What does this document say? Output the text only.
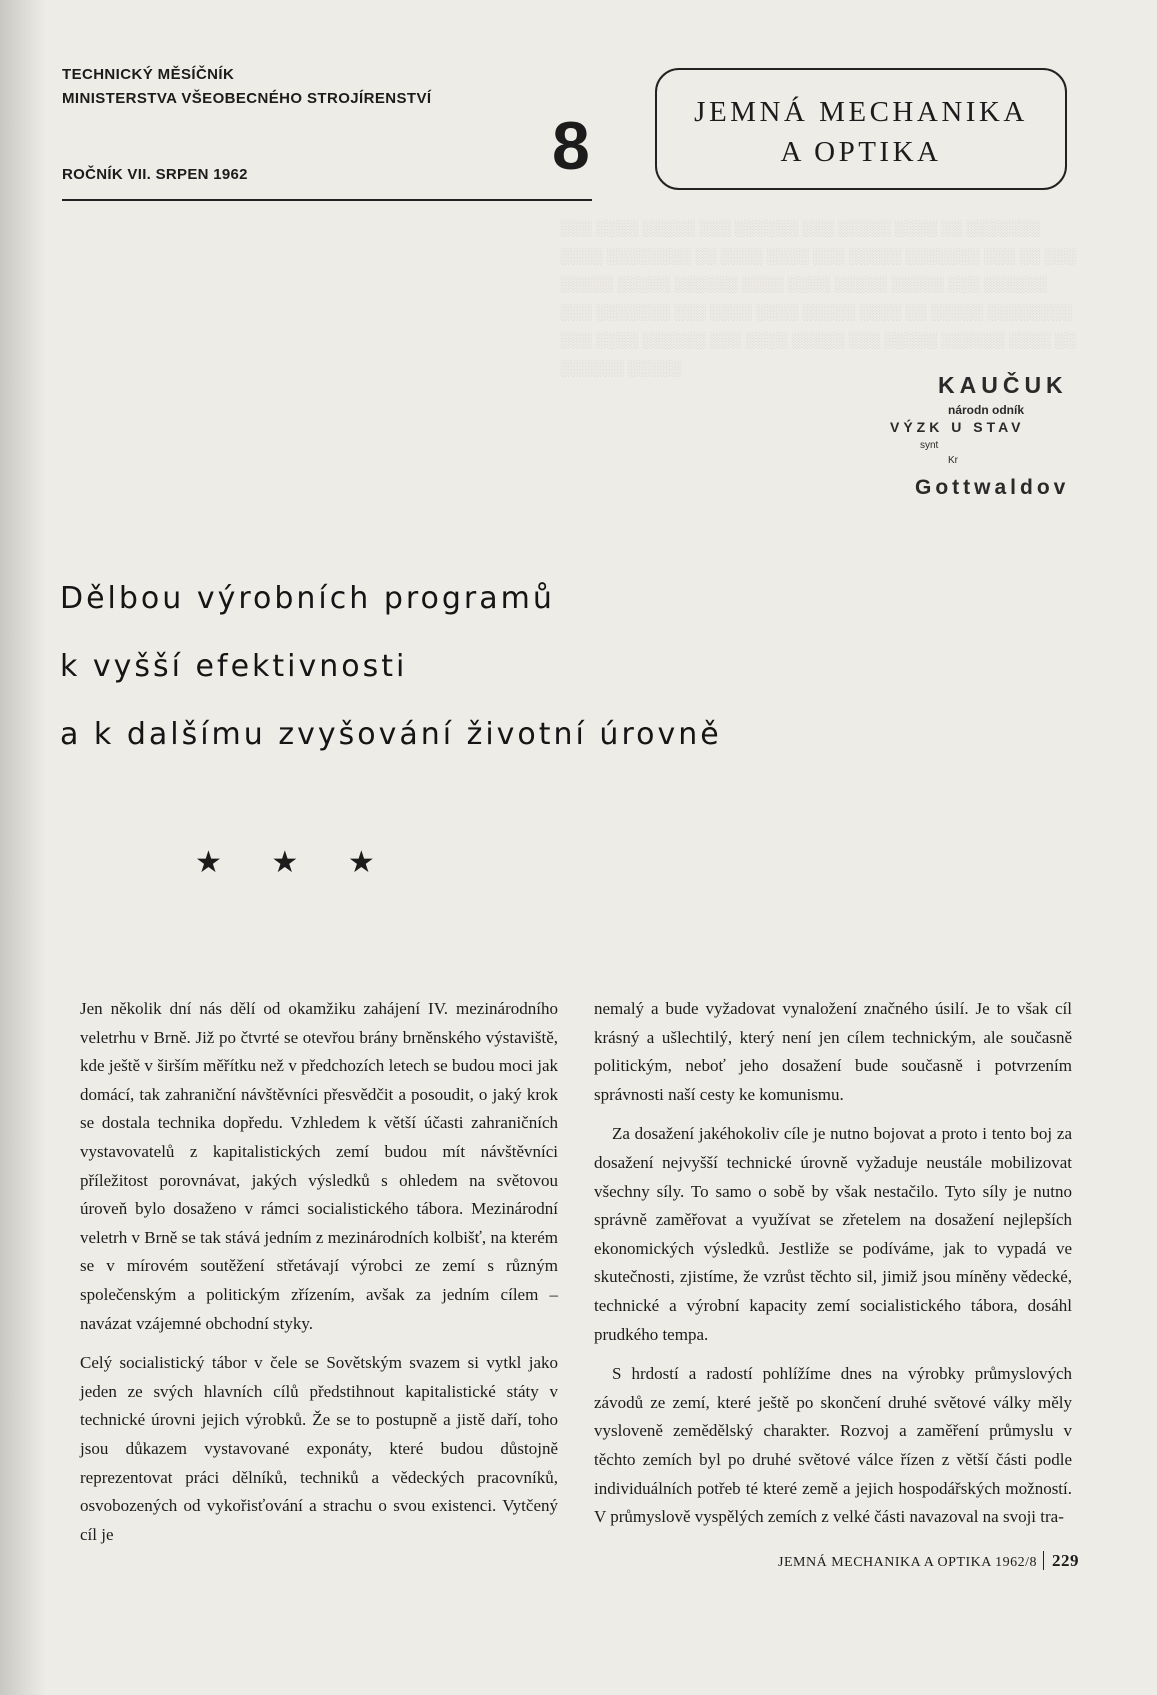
░░░ ░░░░ ░░░░░ ░░░ ░░░░░░ ░░░ ░░░░░ ░░░░ ░░ ░░░░░░░ ░░░░ ░░░░░░░░ ░░ ░░░░ ░░░░ ░░░ ░░░░░ ░░░░░░░ ░░░ ░░ ░░░ ░░░░░ ░░░░░ ░░░░░░ ░░░░ ░░░░ ░░░░░ ░░░░░ ░░░ ░░░░░░ ░░░ ░░░░░░░ ░░░ ░░░░ ░░░░ ░░░░░ ░░░░ ░░ ░░░░░ ░░░░░░░░ ░░░ ░░░░ ░░░░░░ ░░░ ░░░░ ░░░░░ ░░░ ░░░░░ ░░░░░░ ░░░░ ░░ ░░░░░░ ░░░░░
TECHNICKÝ MĚSÍČNÍK
MINISTERSTVA VŠEOBECNÉHO STROJÍRENSTVÍ
ROČNÍK VII. SRPEN 1962	8	JEMNÁ MECHANIKA
A OPTIKA
KAUČUK
národn odník
VÝZK U STAV
synt
Kr
Gottwaldov
Dělbou výrobních programů
k vyšší efektivnosti
a k dalšímu zvyšování životní úrovně
★ ★ ★

Jen několik dní nás dělí od okamžiku zahájení IV. mezinárodního veletrhu v Brně. Již po čtvrté se otevřou brány brněnského výstaviště, kde ještě v širším měřítku než v předchozích letech se budou moci jak domácí, tak zahraniční návštěvníci přesvědčit a posoudit, o jaký krok se dostala technika dopředu. Vzhledem k větší účasti zahraničních vystavovatelů z kapitalistických zemí budou mít návštěvníci příležitost porovnávat, jakých výsledků s ohledem na světovou úroveň bylo dosaženo v rámci socialistického tábora. Mezinárodní veletrh v Brně se tak stává jedním z mezinárodních kolbišť, na kterém se v mírovém soutěžení střetávají výrobci ze zemí s různým společenským a politickým zřízením, avšak za jedním cílem – navázat vzájemné obchodní styky.

Celý socialistický tábor v čele se Sovětským svazem si vytkl jako jeden ze svých hlavních cílů předstihnout kapitalistické státy v technické úrovni jejich výrobků. Že se to postupně a jistě daří, toho jsou důkazem vystavované exponáty, které budou důstojně reprezentovat práci dělníků, techniků a vědeckých pracovníků, osvobozených od vykořisťování a strachu o svou existenci. Vytčený cíl je

nemalý a bude vyžadovat vynaložení značného úsilí. Je to však cíl krásný a ušlechtilý, který není jen cílem technickým, ale současně politickým, neboť jeho dosažení bude současně i potvrzením správnosti naší cesty ke komunismu.

Za dosažení jakéhokoliv cíle je nutno bojovat a proto i tento boj za dosažení nejvyšší technické úrovně vyžaduje neustále mobilizovat všechny síly. To samo o sobě by však nestačilo. Tyto síly je nutno správně zaměřovat a využívat se zřetelem na dosažení nejlepších ekonomických výsledků. Jestliže se podíváme, jak to vypadá ve skutečnosti, zjistíme, že vzrůst těchto sil, jimiž jsou míněny vědecké, technické a výrobní kapacity zemí socialistického tábora, dosáhl prudkého tempa.

S hrdostí a radostí pohlížíme dnes na výrobky průmyslových závodů ze zemí, které ještě po skončení druhé světové války měly vysloveně zemědělský charakter. Rozvoj a zaměření průmyslu v těchto zemích byl po druhé světové válce řízen z větší části podle individuálních potřeb té které země a jejich hospodářských možností. V průmyslově vyspělých zemích z velké části navazoval na svoji tra-

JEMNÁ MECHANIKA A OPTIKA 1962/8 229
